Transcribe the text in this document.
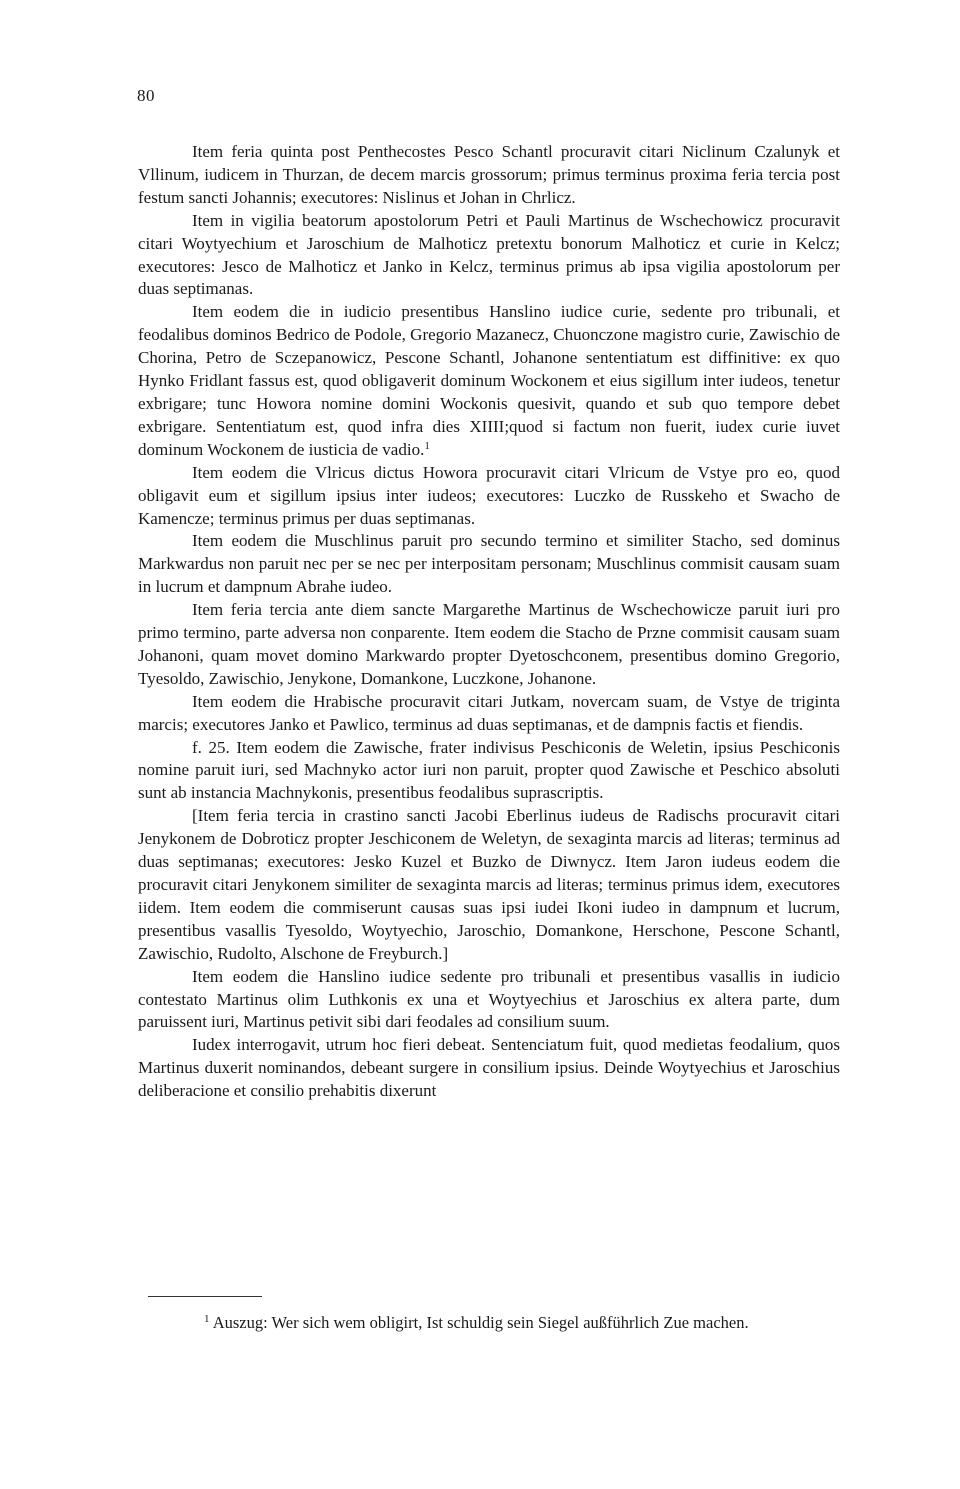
80

Item feria quinta post Penthecostes Pesco Schantl procuravit citari Niclinum Czalunyk et Vllinum, iudicem in Thurzan, de decem marcis grossorum; primus terminus proxima feria tercia post festum sancti Johannis; executores: Nislinus et Johan in Chrlicz.

Item in vigilia beatorum apostolorum Petri et Pauli Martinus de Wschechowicz procuravit citari Woytyechium et Jaroschium de Malhoticz pretextu bonorum Malhoticz et curie in Kelcz; executores: Jesco de Malhoticz et Janko in Kelcz, terminus primus ab ipsa vigilia apostolorum per duas septimanas.

Item eodem die in iudicio presentibus Hanslino iudice curie, sedente pro tribunali, et feodalibus dominos Bedrico de Podole, Gregorio Mazanecz, Chuonczone magistro curie, Zawischio de Chorina, Petro de Sczepanowicz, Pescone Schantl, Johanone sententiatum est diffinitive: ex quo Hynko Fridlant fassus est, quod obligaverit dominum Wockonem et eius sigillum inter iudeos, tenetur exbrigare; tunc Howora nomine domini Wockonis quesivit, quando et sub quo tempore debet exbrigare. Sententiatum est, quod infra dies XIIII;quod si factum non fuerit, iudex curie iuvet dominum Wockonem de iusticia de vadio.$^1$

Item eodem die Vlricus dictus Howora procuravit citari Vlricum de Vstye pro eo, quod obligavit eum et sigillum ipsius inter iudeos; executores: Luczko de Russkeho et Swacho de Kamencze; terminus primus per duas septimanas.

Item eodem die Muschlinus paruit pro secundo termino et similiter Stacho, sed dominus Markwardus non paruit nec per se nec per interpositam personam; Muschlinus commisit causam suam in lucrum et dampnum Abrahe iudeo.

Item feria tercia ante diem sancte Margarethe Martinus de Wschechowicze paruit iuri pro primo termino, parte adversa non conparente. Item eodem die Stacho de Przne commisit causam suam Johanoni, quam movet domino Markwardo propter Dyetoschconem, presentibus domino Gregorio, Tyesoldo, Zawischio, Jenykone, Domankone, Luczkone, Johanone.

Item eodem die Hrabische procuravit citari Jutkam, novercam suam, de Vstye de triginta marcis; executores Janko et Pawlico, terminus ad duas septimanas, et de dampnis factis et fiendis.

f. 25. Item eodem die Zawische, frater indivisus Peschiconis de Weletin, ipsius Peschiconis nomine paruit iuri, sed Machnyko actor iuri non paruit, propter quod Zawische et Peschico absoluti sunt ab instancia Machnykonis, presentibus feodalibus suprascriptis.

[Item feria tercia in crastino sancti Jacobi Eberlinus iudeus de Radischs procuravit citari Jenykonem de Dobroticz propter Jeschiconem de Weletyn, de sexaginta marcis ad literas; terminus ad duas septimanas; executores: Jesko Kuzel et Buzko de Diwnycz. Item Jaron iudeus eodem die procuravit citari Jenykonem similiter de sexaginta marcis ad literas; terminus primus idem, executores iidem. Item eodem die commiserunt causas suas ipsi iudei Ikoni iudeo in dampnum et lucrum, presentibus vasallis Tyesoldo, Woytyechio, Jaroschio, Domankone, Herschone, Pescone Schantl, Zawischio, Rudolto, Alschone de Freyburch.]

Item eodem die Hanslino iudice sedente pro tribunali et presentibus vasallis in iudicio contestato Martinus olim Luthkonis ex una et Woytyechius et Jaroschius ex altera parte, dum paruissent iuri, Martinus petivit sibi dari feodales ad consilium suum.

Iudex interrogavit, utrum hoc fieri debeat. Sentenciatum fuit, quod medietas feodalium, quos Martinus duxerit nominandos, debeant surgere in consilium ipsius. Deinde Woytyechius et Jaroschius deliberacione et consilio prehabitis dixerunt

$^1$ Auszug: Wer sich wem obligirt, Ist schuldig sein Siegel außführlich Zue machen.
